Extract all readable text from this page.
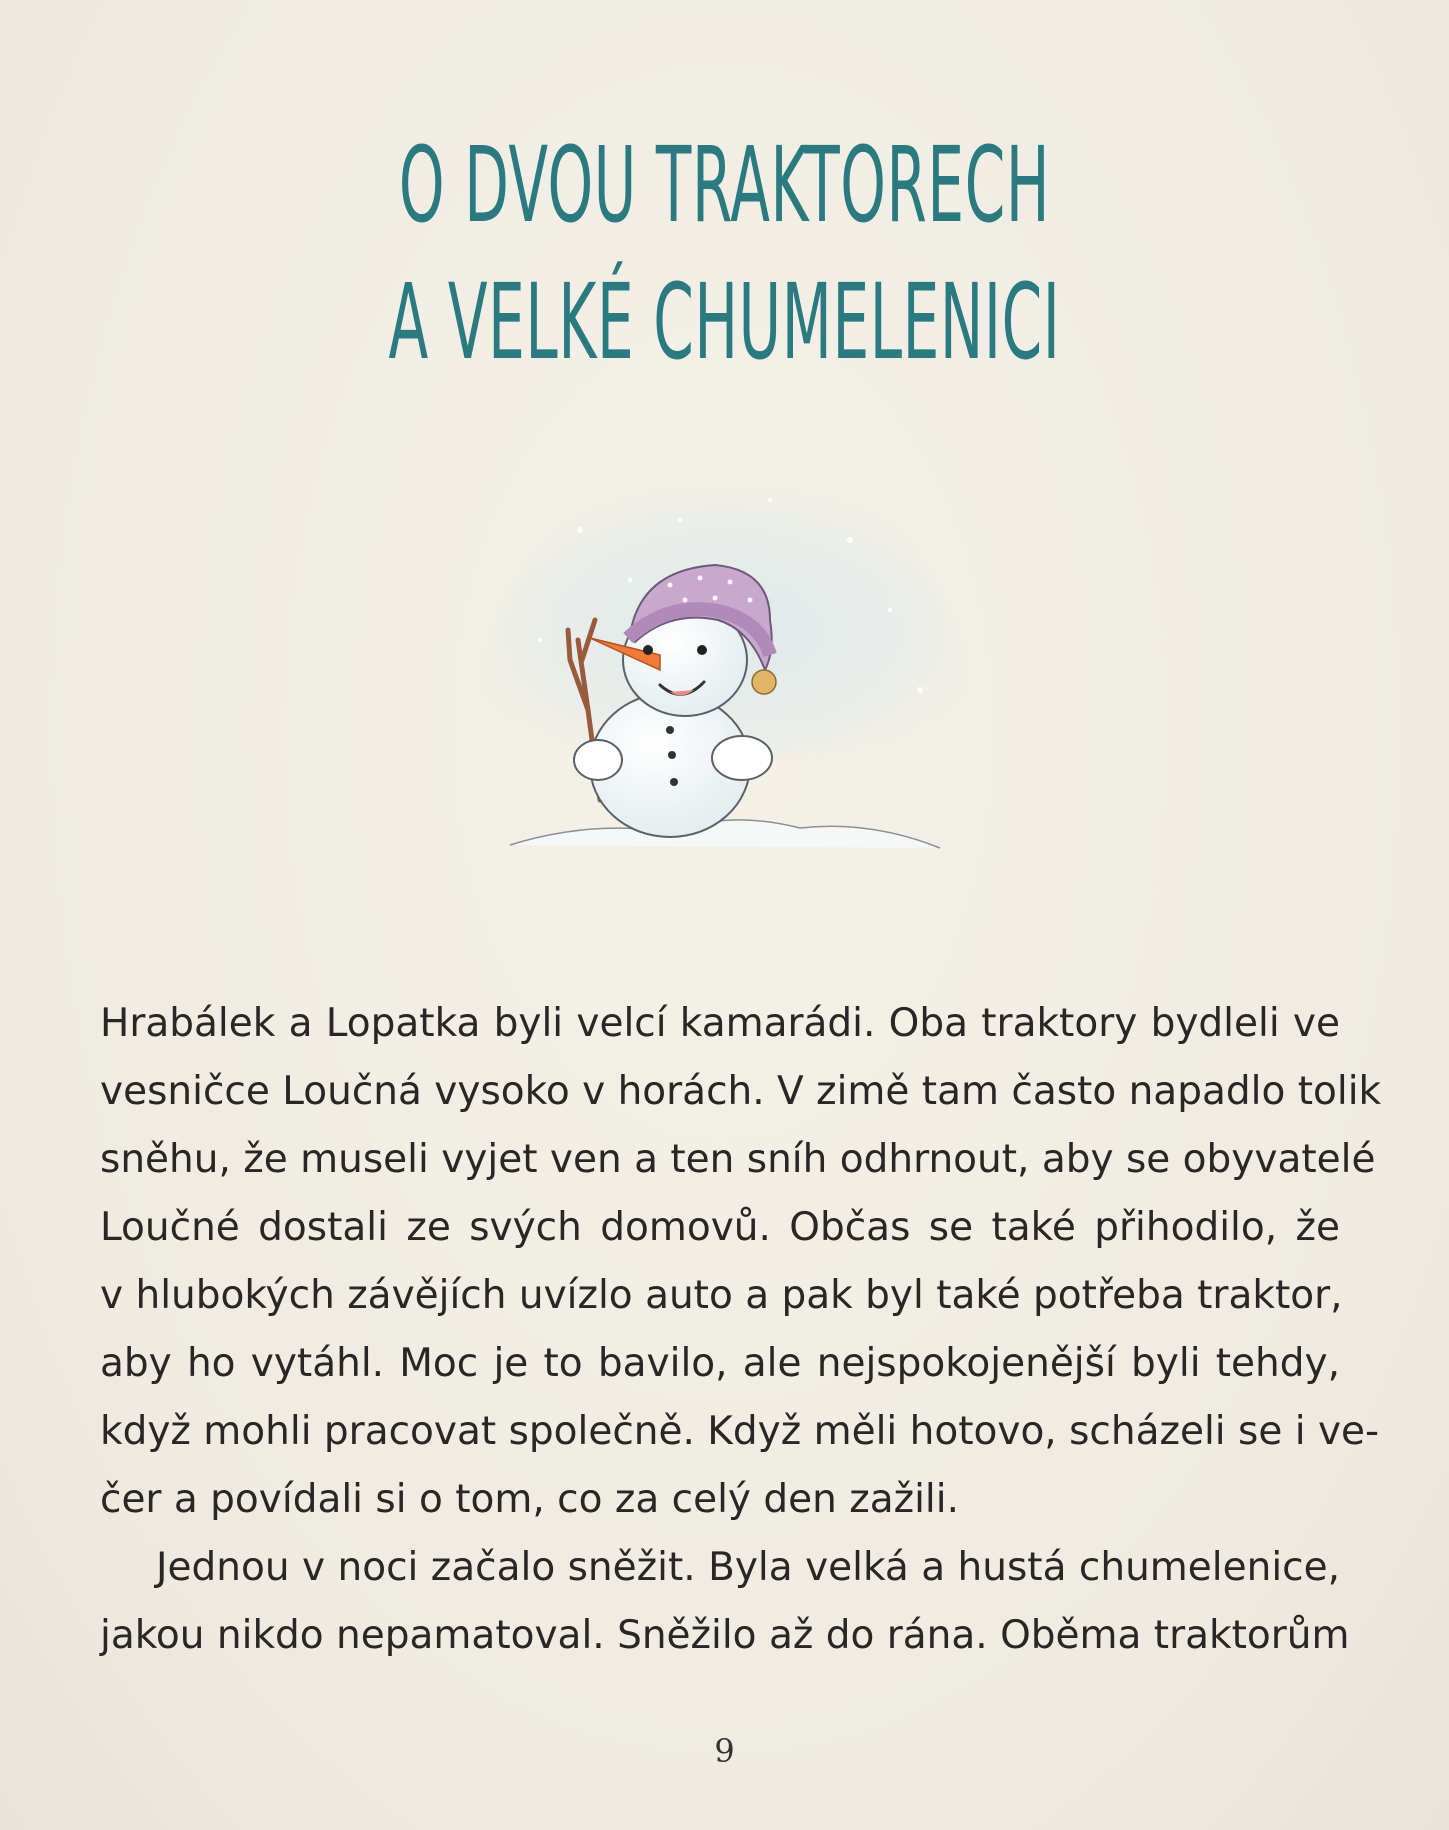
O DVOU TRAKTORECH
A VELKÉ CHUMELENICI
Hrabálek a Lopatka byli velcí kamarádi. Oba traktory bydleli ve
vesničce Loučná vysoko v horách. V zimě tam často napadlo tolik
sněhu, že museli vyjet ven a ten sníh odhrnout, aby se obyvatelé
Loučné dostali ze svých domovů. Občas se také přihodilo, že
v hlubokých závějích uvízlo auto a pak byl také potřeba traktor,
aby ho vytáhl. Moc je to bavilo, ale nejspokojenější byli tehdy,
když mohli pracovat společně. Když měli hotovo, scházeli se i ve-
čer a povídali si o tom, co za celý den zažili.
Jednou v noci začalo sněžit. Byla velká a hustá chumelenice,
jakou nikdo nepamatoval. Sněžilo až do rána. Oběma traktorům
9
